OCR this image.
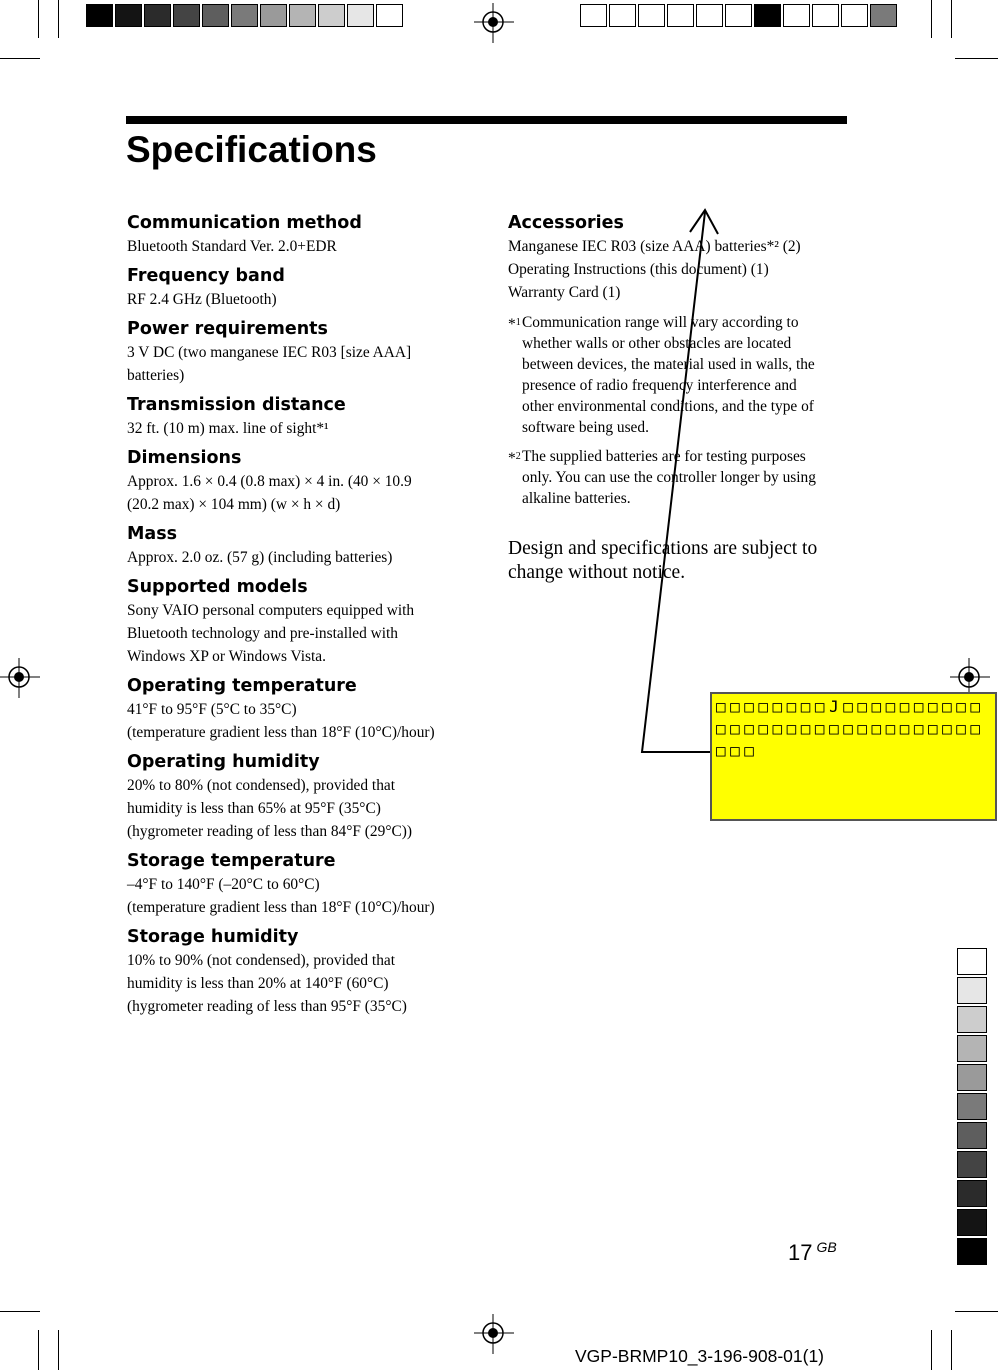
Specifications
Communication method
Bluetooth Standard Ver. 2.0+EDR
Frequency band
RF 2.4 GHz (Bluetooth)
Power requirements
3 V DC (two manganese IEC R03 [size AAA]
batteries)
Transmission distance
32 ft. (10 m) max. line of sight*¹
Dimensions
Approx. 1.6 × 0.4 (0.8 max) × 4 in. (40 × 10.9
(20.2 max) × 104 mm) (w × h × d)
Mass
Approx. 2.0 oz. (57 g) (including batteries)
Supported models
Sony VAIO personal computers equipped with
Bluetooth technology and pre-installed with
Windows XP or Windows Vista.
Operating temperature
41°F to 95°F (5°C to 35°C)
(temperature gradient less than 18°F (10°C)/hour)
Operating humidity
20% to 80% (not condensed), provided that
humidity is less than 65% at 95°F (35°C)
(hygrometer reading of less than 84°F (29°C))
Storage temperature
–4°F to 140°F (–20°C to 60°C)
(temperature gradient less than 18°F (10°C)/hour)
Storage humidity
10% to 90% (not condensed), provided that
humidity is less than 20% at 140°F (60°C)
(hygrometer reading of less than 95°F (35°C)
Accessories
Manganese IEC R03 (size AAA) batteries*² (2)
Operating Instructions (this document) (1)
Warranty Card (1)
*$^1$ Communication range will vary according to
whether walls or other obstacles are located
between devices, the material used in walls, the
presence of radio frequency interference and
other environmental conditions, and the type of
software being used.
*$^2$ The supplied batteries are for testing purposes
only. You can use the controller longer by using
alkaline batteries.

Design and specifications are subject to
change without notice.

□□□□□□□□J□□□□□□□□□□□□□□□□□□□□□□□□□□□□□□□□
17 $^{GB}$
VGP-BRMP10_3-196-908-01(1)
